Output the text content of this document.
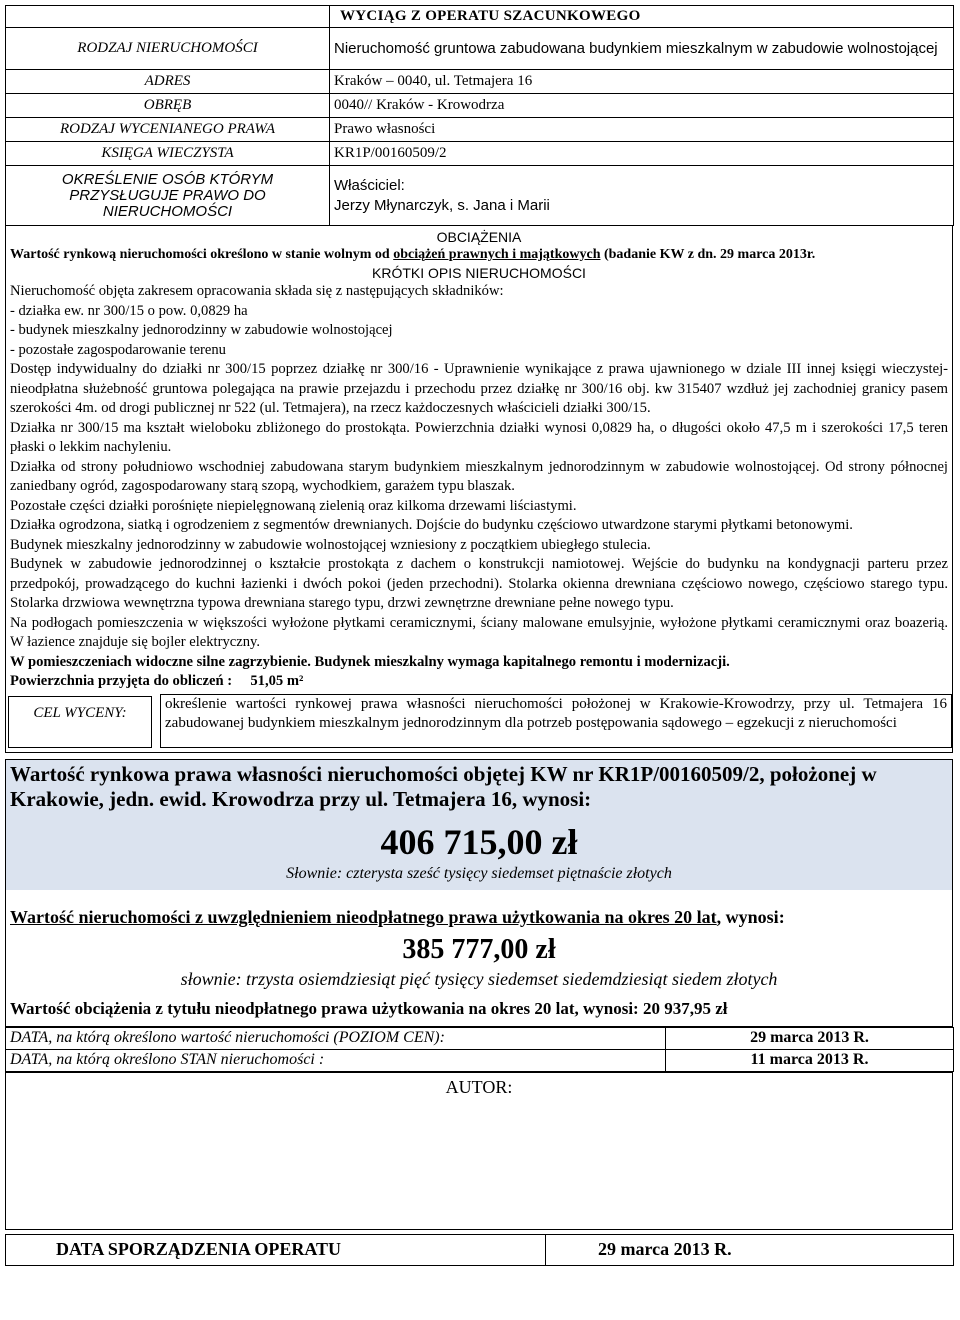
	WYCIĄG Z OPERATU SZACUNKOWEGO
RODZAJ NIERUCHOMOŚCI	Nieruchomość gruntowa zabudowana budynkiem mieszkalnym w zabudowie wolnostojącej
ADRES	Kraków – 0040, ul. Tetmajera 16
OBRĘB	0040// Kraków - Krowodrza
RODZAJ WYCENIANEGO PRAWA	Prawo własności
KSIĘGA WIECZYSTA	KR1P/00160509/2
OKREŚLENIE OSÓB KTÓRYM PRZYSŁUGUJE PRAWO DO NIERUCHOMOŚCI	Właściciel:
Jerzy Młynarczyk, s. Jana i Marii
OBCIĄŻENIA
Wartość rynkową nieruchomości określono w stanie wolnym od obciążeń prawnych i majątkowych (badanie KW z dn. 29 marca 2013r.
KRÓTKI OPIS NIERUCHOMOŚCI

Nieruchomość objęta zakresem opracowania składa się z następujących składników:

- działka ew. nr 300/15 o pow. 0,0829 ha

- budynek mieszkalny jednorodzinny w zabudowie wolnostojącej

- pozostałe zagospodarowanie terenu

Dostęp indywidualny do działki nr 300/15 poprzez działkę nr 300/16 - Uprawnienie wynikające z prawa ujawnionego w dziale III innej księgi wieczystej- nieodpłatna służebność gruntowa polegająca na prawie przejazdu i przechodu przez działkę nr 300/16 obj. kw 315407 wzdłuż jej zachodniej granicy pasem szerokości 4m. od drogi publicznej nr 522 (ul. Tetmajera), na rzecz każdoczesnych właścicieli działki 300/15.

Działka nr 300/15 ma kształt wieloboku zbliżonego do prostokąta. Powierzchnia działki wynosi 0,0829 ha, o długości około 47,5 m i szerokości 17,5 teren płaski o lekkim nachyleniu.

Działka od strony południowo wschodniej zabudowana starym budynkiem mieszkalnym jednorodzinnym w zabudowie wolnostojącej. Od strony północnej zaniedbany ogród, zagospodarowany starą szopą, wychodkiem, garażem typu blaszak.

Pozostałe części działki porośnięte niepielęgnowaną zielenią oraz kilkoma drzewami liściastymi.

Działka ogrodzona, siatką i ogrodzeniem z segmentów drewnianych. Dojście do budynku częściowo utwardzone starymi płytkami betonowymi.

Budynek mieszkalny jednorodzinny w zabudowie wolnostojącej wzniesiony z początkiem ubiegłego stulecia.

Budynek w zabudowie jednorodzinnej o kształcie prostokąta z dachem o konstrukcji namiotowej. Wejście do budynku na kondygnacji parteru przez przedpokój, prowadzącego do kuchni łazienki i dwóch pokoi (jeden przechodni). Stolarka okienna drewniana częściowo nowego, częściowo starego typu. Stolarka drzwiowa wewnętrzna typowa drewniana starego typu, drzwi zewnętrzne drewniane pełne nowego typu.

Na podłogach pomieszczenia w większości wyłożone płytkami ceramicznymi, ściany malowane emulsyjnie, wyłożone płytkami ceramicznymi oraz boazerią. W łazience znajduje się bojler elektryczny.

W pomieszczeniach widoczne silne zagrzybienie. Budynek mieszkalny wymaga kapitalnego remontu i modernizacji.

Powierzchnia przyjęta do obliczeń : 51,05 m²

CEL WYCENY:
określenie wartości rynkowej prawa własności nieruchomości położonej w Krakowie-Krowodrzy, przy ul. Tetmajera 16 zabudowanej budynkiem mieszkalnym jednorodzinnym dla potrzeb postępowania sądowego – egzekucji z nieruchomości
Wartość rynkowa prawa własności nieruchomości objętej KW nr KR1P/00160509/2, położonej w Krakowie, jedn. ewid. Krowodrza przy ul. Tetmajera 16, wynosi:
406 715,00 zł
Słownie: czterysta sześć tysięcy siedemset piętnaście złotych
Wartość nieruchomości z uwzględnieniem nieodpłatnego prawa użytkowania na okres 20 lat, wynosi:
385 777,00 zł
słownie: trzysta osiemdziesiąt pięć tysięcy siedemset siedemdziesiąt siedem złotych
Wartość obciążenia z tytułu nieodpłatnego prawa użytkowania na okres 20 lat, wynosi: 20 937,95 zł
DATA, na którą określono wartość nieruchomości (POZIOM CEN):	29 marca 2013 R.
DATA, na którą określono STAN nieruchomości :	11 marca 2013 R.
AUTOR:
DATA SPORZĄDZENIA OPERATU	29 marca 2013 R.
